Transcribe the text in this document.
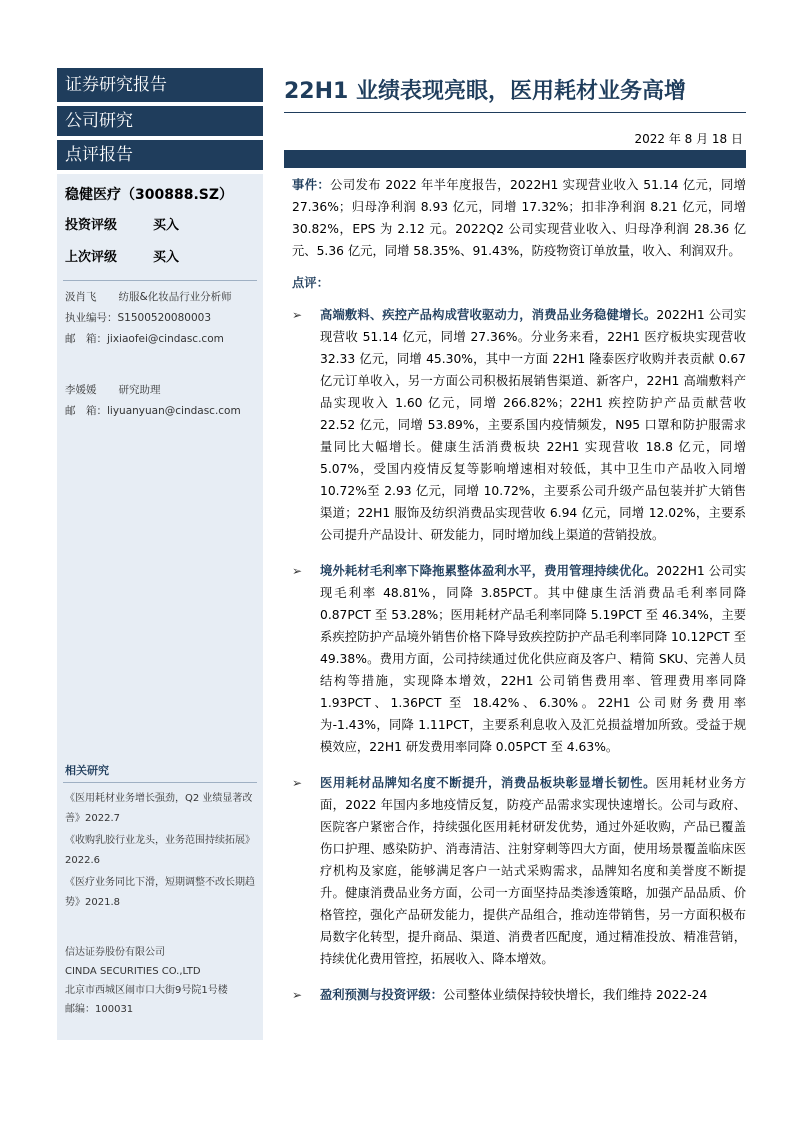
证券研究报告
公司研究
点评报告
稳健医疗（300888.SZ）
投资评级	买入
上次评级	买入
汲肖飞 纺服&化妆品行业分析师
执业编号：S1500520080003
邮　箱：jixiaofei@cindasc.com
李媛媛 研究助理
邮　箱：liyuanyuan@cindasc.com
相关研究
《医用耗材业务增长强劲，Q2 业绩显著改善》2022.7
《收购乳胶行业龙头，业务范围持续拓展》2022.6
《医疗业务同比下滑，短期调整不改长期趋势》2021.8
信达证券股份有限公司
CINDA SECURITIES CO.,LTD
北京市西城区闹市口大街9号院1号楼
邮编：100031
22H1 业绩表现亮眼，医用耗材业务高增
2022 年 8 月 18 日

事件：公司发布 2022 年半年度报告，2022H1 实现营业收入 51.14 亿元，同增 27.36%；归母净利润 8.93 亿元，同增 17.32%；扣非净利润 8.21 亿元，同增 30.82%，EPS 为 2.12 元。2022Q2 公司实现营业收入、归母净利润 28.36 亿元、5.36 亿元，同增 58.35%、91.43%，防疫物资订单放量，收入、利润双升。

点评：

➢ 高端敷料、疾控产品构成营收驱动力，消费品业务稳健增长。2022H1 公司实现营收 51.14 亿元，同增 27.36%。分业务来看，22H1 医疗板块实现营收 32.33 亿元，同增 45.30%，其中一方面 22H1 隆泰医疗收购并表贡献 0.67 亿元订单收入，另一方面公司积极拓展销售渠道、新客户，22H1 高端敷料产品实现收入 1.60 亿元，同增 266.82%；22H1 疾控防护产品贡献营收 22.52 亿元，同增 53.89%，主要系国内疫情频发，N95 口罩和防护服需求量同比大幅增长。健康生活消费板块 22H1 实现营收 18.8 亿元，同增 5.07%，受国内疫情反复等影响增速相对较低，其中卫生巾产品收入同增 10.72%至 2.93 亿元，同增 10.72%，主要系公司升级产品包装并扩大销售渠道；22H1 服饰及纺织消费品实现营收 6.94 亿元，同增 12.02%，主要系公司提升产品设计、研发能力，同时增加线上渠道的营销投放。
➢ 境外耗材毛利率下降拖累整体盈利水平，费用管理持续优化。2022H1 公司实现毛利率 48.81%，同降 3.85PCT。其中健康生活消费品毛利率同降 0.87PCT 至 53.28%；医用耗材产品毛利率同降 5.19PCT 至 46.34%，主要系疾控防护产品境外销售价格下降导致疾控防护产品毛利率同降 10.12PCT 至 49.38%。费用方面，公司持续通过优化供应商及客户、精简 SKU、完善人员结构等措施，实现降本增效，22H1 公司销售费用率、管理费用率同降 1.93PCT、1.36PCT 至 18.42%、6.30%。22H1 公司财务费用率为-1.43%，同降 1.11PCT，主要系利息收入及汇兑损益增加所致。受益于规模效应，22H1 研发费用率同降 0.05PCT 至 4.63%。
➢ 医用耗材品牌知名度不断提升，消费品板块彰显增长韧性。医用耗材业务方面，2022 年国内多地疫情反复，防疫产品需求实现快速增长。公司与政府、医院客户紧密合作，持续强化医用耗材研发优势，通过外延收购，产品已覆盖伤口护理、感染防护、消毒清洁、注射穿刺等四大方面，使用场景覆盖临床医疗机构及家庭，能够满足客户一站式采购需求，品牌知名度和美誉度不断提升。健康消费品业务方面，公司一方面坚持品类渗透策略，加强产品品质、价格管控，强化产品研发能力，提供产品组合，推动连带销售，另一方面积极布局数字化转型，提升商品、渠道、消费者匹配度，通过精准投放、精准营销，持续优化费用管控，拓展收入、降本增效。
➢ 盈利预测与投资评级：公司整体业绩保持较快增长，我们维持 2022-24
